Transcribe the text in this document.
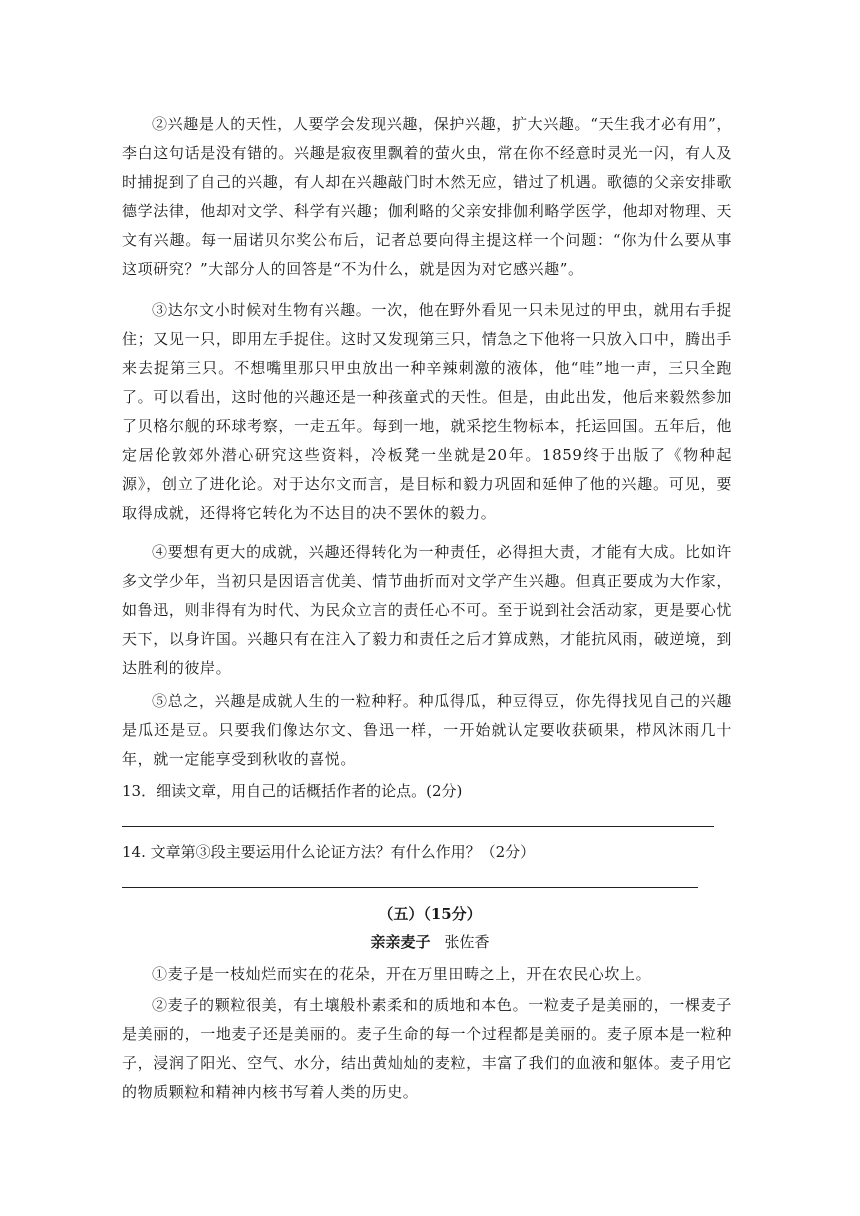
②兴趣是人的天性，人要学会发现兴趣，保护兴趣，扩大兴趣。“天生我才必有用”，李白这句话是没有错的。兴趣是寂夜里飘着的萤火虫，常在你不经意时灵光一闪，有人及时捕捉到了自己的兴趣，有人却在兴趣敲门时木然无应，错过了机遇。歌德的父亲安排歌德学法律，他却对文学、科学有兴趣；伽利略的父亲安排伽利略学医学，他却对物理、天文有兴趣。每一届诺贝尔奖公布后，记者总要向得主提这样一个问题：“你为什么要从事这项研究？”大部分人的回答是“不为什么，就是因为对它感兴趣”。

③达尔文小时候对生物有兴趣。一次，他在野外看见一只未见过的甲虫，就用右手捉住；又见一只，即用左手捉住。这时又发现第三只，情急之下他将一只放入口中，腾出手来去捉第三只。不想嘴里那只甲虫放出一种辛辣刺激的液体，他“哇”地一声，三只全跑了。可以看出，这时他的兴趣还是一种孩童式的天性。但是，由此出发，他后来毅然参加了贝格尔舰的环球考察，一走五年。每到一地，就采挖生物标本，托运回国。五年后，他定居伦敦郊外潜心研究这些资料，冷板凳一坐就是20年。1859终于出版了《物种起源》，创立了进化论。对于达尔文而言，是目标和毅力巩固和延伸了他的兴趣。可见，要取得成就，还得将它转化为不达目的决不罢休的毅力。

④要想有更大的成就，兴趣还得转化为一种责任，必得担大责，才能有大成。比如许多文学少年，当初只是因语言优美、情节曲折而对文学产生兴趣。但真正要成为大作家，如鲁迅，则非得有为时代、为民众立言的责任心不可。至于说到社会活动家，更是要心忧天下，以身许国。兴趣只有在注入了毅力和责任之后才算成熟，才能抗风雨，破逆境，到达胜利的彼岸。

⑤总之，兴趣是成就人生的一粒种籽。种瓜得瓜，种豆得豆，你先得找见自己的兴趣是瓜还是豆。只要我们像达尔文、鲁迅一样，一开始就认定要收获硕果，栉风沐雨几十年，就一定能享受到秋收的喜悦。

13．细读文章，用自己的话概括作者的论点。(2分)

14. 文章第③段主要运用什么论证方法？有什么作用？（2分）

（五）（15分）
亲亲麦子 张佐香

①麦子是一枝灿烂而实在的花朵，开在万里田畴之上，开在农民心坎上。

②麦子的颗粒很美，有土壤般朴素柔和的质地和本色。一粒麦子是美丽的，一棵麦子是美丽的，一地麦子还是美丽的。麦子生命的每一个过程都是美丽的。麦子原本是一粒种子，浸润了阳光、空气、水分，结出黄灿灿的麦粒，丰富了我们的血液和躯体。麦子用它的物质颗粒和精神内核书写着人类的历史。
